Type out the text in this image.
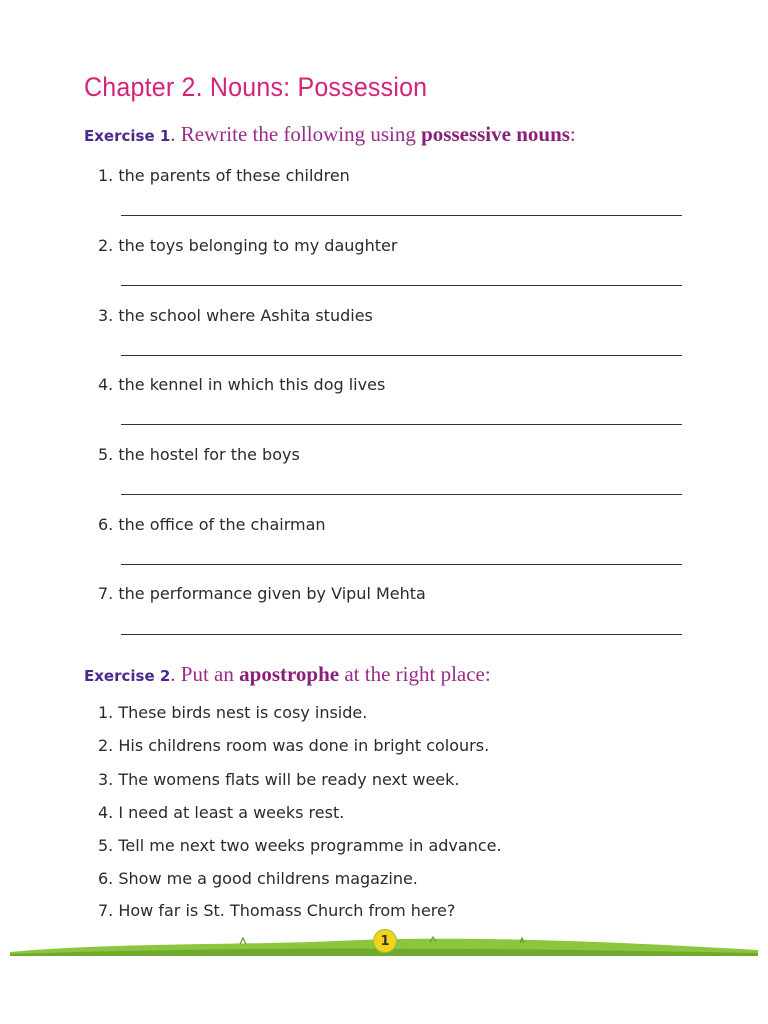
Chapter 2. Nouns: Possession
Exercise 1. Rewrite the following using possessive nouns:
1. the parents of these children
2. the toys belonging to my daughter
3. the school where Ashita studies
4. the kennel in which this dog lives
5. the hostel for the boys
6. the office of the chairman
7. the performance given by Vipul Mehta
Exercise 2. Put an apostrophe at the right place:
1. These birds nest is cosy inside.
2. His childrens room was done in bright colours.
3. The womens flats will be ready next week.
4. I need at least a weeks rest.
5. Tell me next two weeks programme in advance.
6. Show me a good childrens magazine.
7. How far is St. Thomass Church from here?
1
